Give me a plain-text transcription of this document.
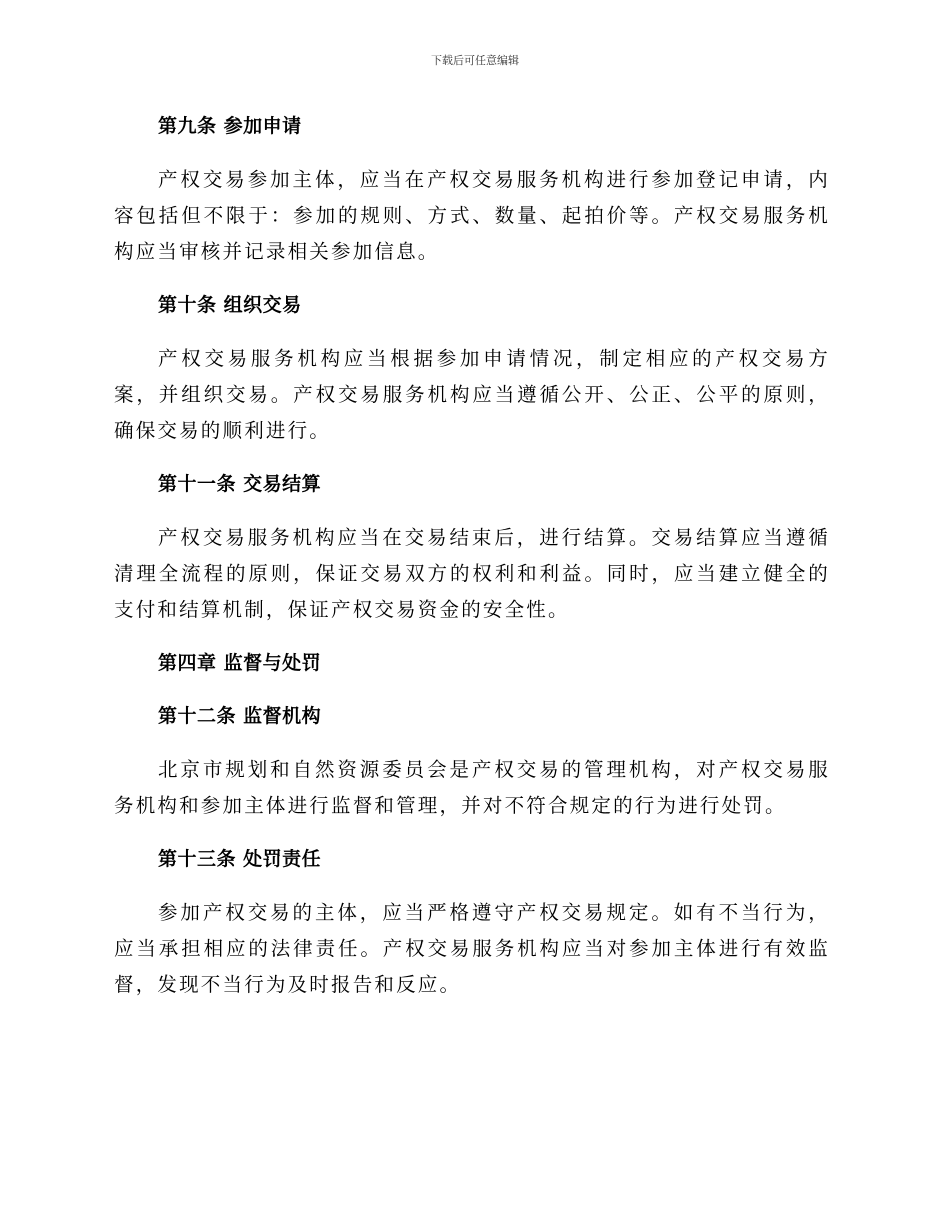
下载后可任意编辑
第九条 参加申请

产权交易参加主体，应当在产权交易服务机构进行参加登记申请，内容包括但不限于：参加的规则、方式、数量、起拍价等。产权交易服务机构应当审核并记录相关参加信息。

第十条 组织交易

产权交易服务机构应当根据参加申请情况，制定相应的产权交易方案，并组织交易。产权交易服务机构应当遵循公开、公正、公平的原则，确保交易的顺利进行。

第十一条 交易结算

产权交易服务机构应当在交易结束后，进行结算。交易结算应当遵循清理全流程的原则，保证交易双方的权利和利益。同时，应当建立健全的支付和结算机制，保证产权交易资金的安全性。

第四章 监督与处罚
第十二条 监督机构

北京市规划和自然资源委员会是产权交易的管理机构，对产权交易服务机构和参加主体进行监督和管理，并对不符合规定的行为进行处罚。

第十三条 处罚责任

参加产权交易的主体，应当严格遵守产权交易规定。如有不当行为，应当承担相应的法律责任。产权交易服务机构应当对参加主体进行有效监督，发现不当行为及时报告和反应。
